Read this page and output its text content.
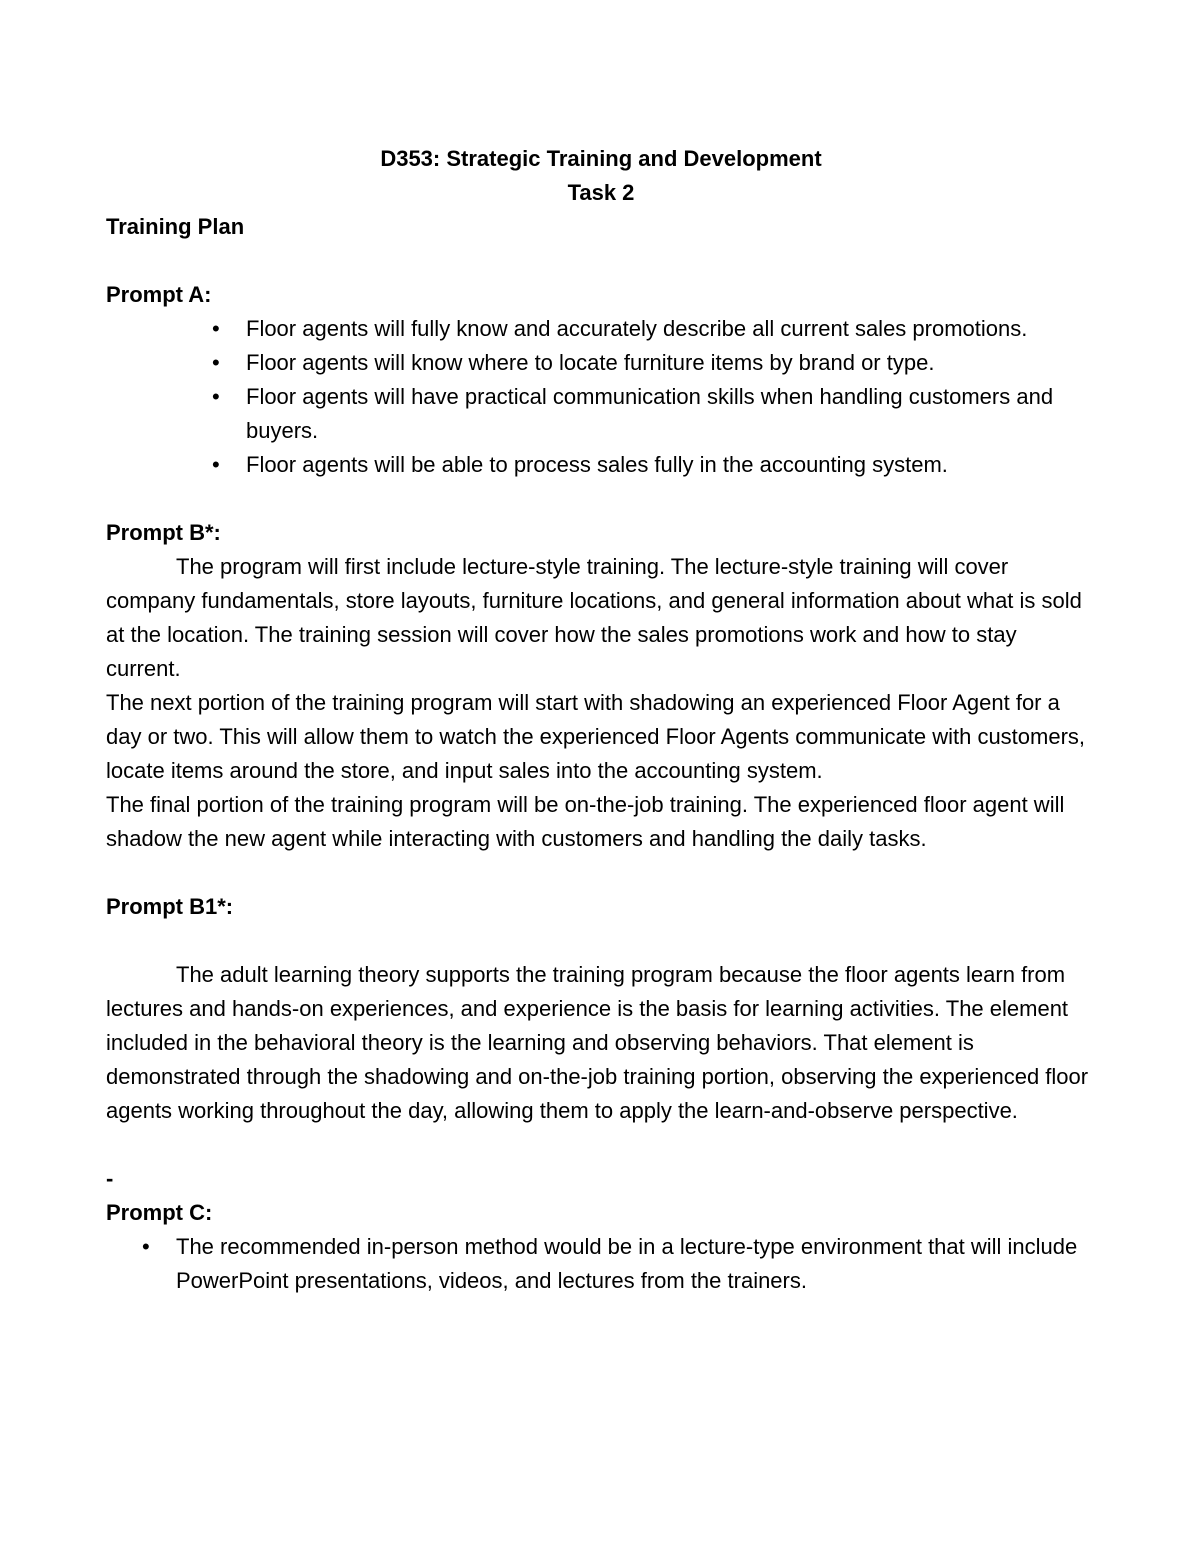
D353: Strategic Training and Development

Task 2

Training Plan

Prompt A:

• Floor agents will fully know and accurately describe all current sales promotions.
• Floor agents will know where to locate furniture items by brand or type.
• Floor agents will have practical communication skills when handling customers and buyers.
• Floor agents will be able to process sales fully in the accounting system.

Prompt B*:

The program will first include lecture-style training. The lecture-style training will cover company fundamentals, store layouts, furniture locations, and general information about what is sold at the location. The training session will cover how the sales promotions work and how to stay current.

The next portion of the training program will start with shadowing an experienced Floor Agent for a day or two. This will allow them to watch the experienced Floor Agents communicate with customers, locate items around the store, and input sales into the accounting system.

The final portion of the training program will be on-the-job training. The experienced floor agent will shadow the new agent while interacting with customers and handling the daily tasks.

Prompt B1*:

The adult learning theory supports the training program because the floor agents learn from lectures and hands-on experiences, and experience is the basis for learning activities. The element included in the behavioral theory is the learning and observing behaviors. That element is demonstrated through the shadowing and on-the-job training portion, observing the experienced floor agents working throughout the day, allowing them to apply the learn-and-observe perspective.

-

Prompt C:

• The recommended in-person method would be in a lecture-type environment that will include PowerPoint presentations, videos, and lectures from the trainers.
